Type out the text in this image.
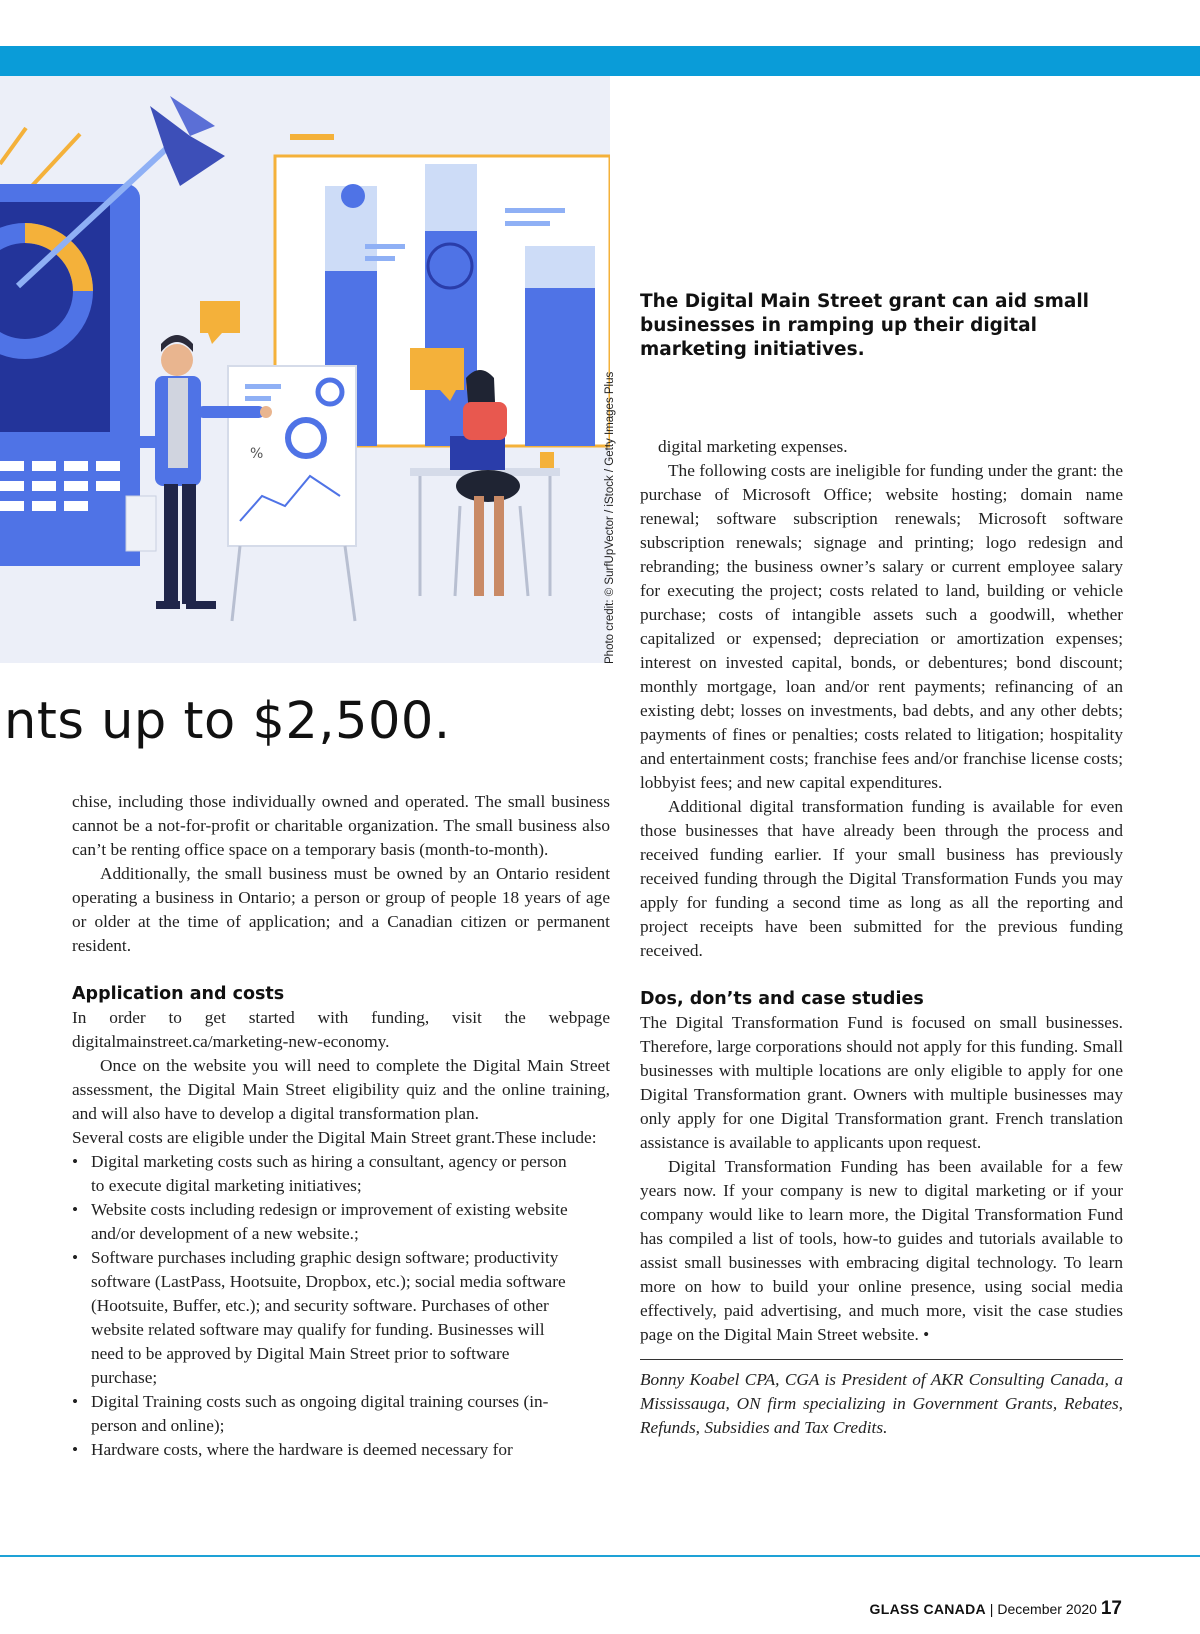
%	Photo credit: © SurfUpVector / iStock / Getty Images Plus
The Digital Main Street grant can aid small businesses in ramping up their digital marketing initiatives.
nts up to $2,500.

chise, including those individually owned and operated. The small business cannot be a not-for-profit or charitable organization. The small business also can’t be renting office space on a temporary basis (month-to-month).

Additionally, the small business must be owned by an Ontario resident operating a business in Ontario; a person or group of people 18 years of age or older at the time of application; and a Canadian citizen or permanent resident.

Application and costs

In order to get started with funding, visit the webpage digitalmainstreet.ca/marketing-new-economy.

Once on the website you will need to complete the Digital Main Street assessment, the Digital Main Street eligibility quiz and the online training, and will also have to develop a digital transformation plan.

Several costs are eligible under the Digital Main Street grant.These include:

• Digital marketing costs such as hiring a consultant, agency or person to execute digital marketing initiatives;
• Website costs including redesign or improvement of existing website and/or development of a new website.;
• Software purchases including graphic design software; productivity software (LastPass, Hootsuite, Dropbox, etc.); social media software (Hootsuite, Buffer, etc.); and security software. Purchases of other website related software may qualify for funding. Businesses will need to be approved by Digital Main Street prior to software purchase;
• Digital Training costs such as ongoing digital training courses (in-person and online);
• Hardware costs, where the hardware is deemed necessary for

digital marketing expenses.

The following costs are ineligible for funding under the grant: the purchase of Microsoft Office; website hosting; domain name renewal; software subscription renewals; Microsoft software subscription renewals; signage and printing; logo redesign and rebranding; the business owner’s salary or current employee salary for executing the project; costs related to land, building or vehicle purchase; costs of intangible assets such a goodwill, whether capitalized or expensed; depreciation or amortization expenses; interest on invested capital, bonds, or debentures; bond discount; monthly mortgage, loan and/or rent payments; refinancing of an existing debt; losses on investments, bad debts, and any other debts; payments of fines or penalties; costs related to litigation; hospitality and entertainment costs; franchise fees and/or franchise license costs; lobbyist fees; and new capital expenditures.

Additional digital transformation funding is available for even those businesses that have already been through the process and received funding earlier. If your small business has previously received funding through the Digital Transformation Funds you may apply for funding a second time as long as all the reporting and project receipts have been submitted for the previous funding received.

Dos, don’ts and case studies

The Digital Transformation Fund is focused on small businesses. Therefore, large corporations should not apply for this funding. Small businesses with multiple locations are only eligible to apply for one Digital Transformation grant. Owners with multiple businesses may only apply for one Digital Transformation grant. French translation assistance is available to applicants upon request.

Digital Transformation Funding has been available for a few years now. If your company is new to digital marketing or if your company would like to learn more, the Digital Transformation Fund has compiled a list of tools, how-to guides and tutorials available to assist small businesses with embracing digital technology. To learn more on how to build your online presence, using social media effectively, paid advertising, and much more, visit the case studies page on the Digital Main Street website. •

Bonny Koabel CPA, CGA is President of AKR Consulting Canada, a Mississauga, ON firm specializing in Government Grants, Rebates, Refunds, Subsidies and Tax Credits.

GLASS CANADA | December 2020 17
